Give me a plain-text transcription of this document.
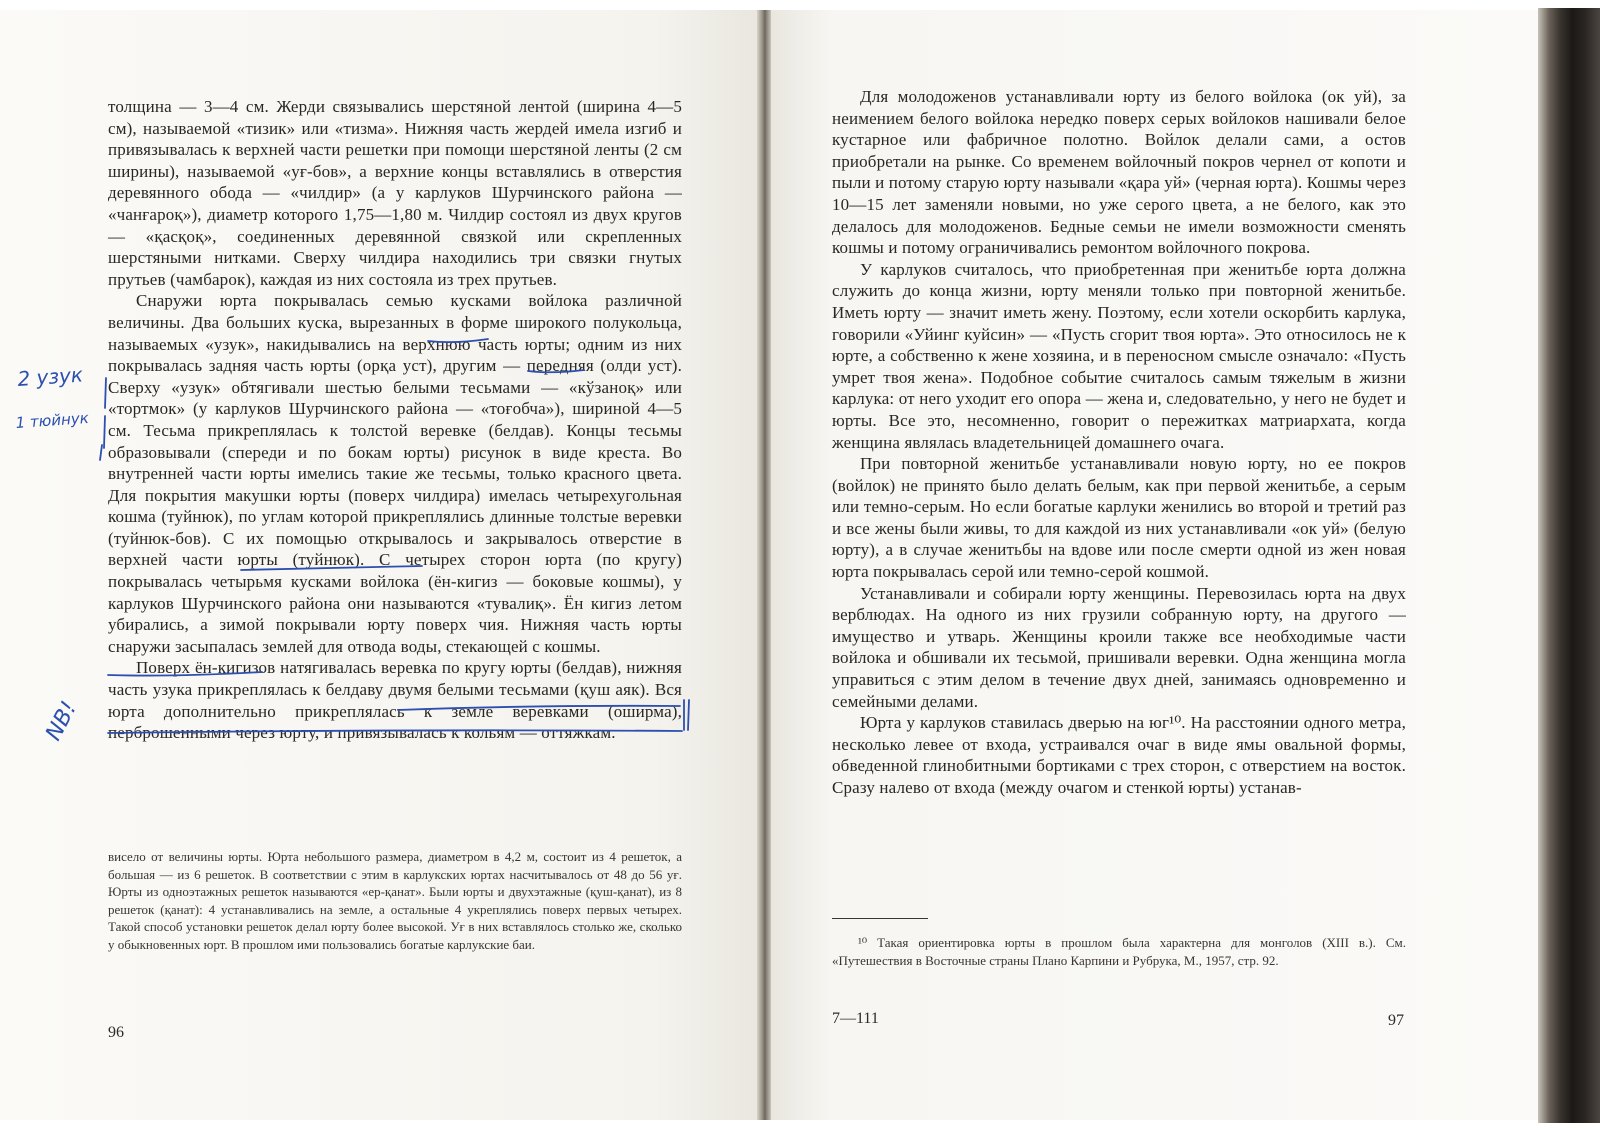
толщина — 3—4 см. Жерди связывались шерстяной лентой (ширина 4—5 см), называемой «тизик» или «тизма». Нижняя часть жердей имела изгиб и привязывалась к верхней части решетки при помощи шерстяной ленты (2 см ширины), называемой «уғ-бов», а верхние концы вставлялись в отверстия деревянного обода — «чилдир» (а у карлуков Шурчинского района — «чанғароқ»), диаметр которого 1,75—1,80 м. Чилдир состоял из двух кругов — «қасқоқ», соединенных деревянной связкой или скрепленных шерстяными нитками. Сверху чилдира находились три связки гнутых прутьев (чамбарок), каждая из них состояла из трех прутьев.

Снаружи юрта покрывалась семью кусками войлока различной величины. Два больших куска, вырезанных в форме широкого полукольца, называемых «узук», накидывались на верхнюю часть юрты; одним из них покрывалась задняя часть юрты (орқа уст), другим — передняя (олди уст). Сверху «узук» обтягивали шестью белыми тесьмами — «кўзаноқ» или «тортмок» (у карлуков Шурчинского района — «тоғобча»), шириной 4—5 см. Тесьма прикреплялась к толстой веревке (белдав). Концы тесьмы образовывали (спереди и по бокам юрты) рисунок в виде креста. Во внутренней части юрты имелись такие же тесьмы, только красного цвета. Для покрытия макушки юрты (поверх чилдира) имелась четырехугольная кошма (туйнюк), по углам которой прикреплялись длинные толстые веревки (туйнюк-бов). С их помощью открывалось и закрывалось отверстие в верхней части юрты (туйнюк). С четырех сторон юрта (по кругу) покрывалась четырьмя кусками войлока (ён-кигиз — боковые кошмы), у карлуков Шурчинского района они называются «тувалиқ». Ён кигиз летом убирались, а зимой покрывали юрту поверх чия. Нижняя часть юрты снаружи засыпалась землей для отвода воды, стекающей с кошмы.

Поверх ён-кигизов натягивалась веревка по кругу юрты (белдав), нижняя часть узука прикреплялась к белдаву двумя белыми тесьмами (қуш аяк). Вся юрта дополнительно прикреплялась к земле веревками (оширма), перброшенными через юрту, и привязывалась к кольям — оттяжкам.

висело от величины юрты. Юрта небольшого размера, диаметром в 4,2 м, состоит из 4 решеток, а большая — из 6 решеток. В соответствии с этим в карлукских юртах насчитывалось от 48 до 56 уғ. Юрты из одноэтажных решеток называются «ер-қанат». Были юрты и двухэтажные (қуш-қанат), из 8 решеток (қанат): 4 устанавливались на земле, а остальные 4 укреплялись поверх первых четырех. Такой способ установки решеток делал юрту более высокой. Уғ в них вставлялось столько же, сколько у обыкновенных юрт. В прошлом ими пользовались богатые карлукские баи.

96

Для молодоженов устанавливали юрту из белого войлока (ок уй), за неимением белого войлока нередко поверх серых войлоков нашивали белое кустарное или фабричное полотно. Войлок делали сами, а остов приобретали на рынке. Со временем войлочный покров чернел от копоти и пыли и потому старую юрту называли «қара уй» (черная юрта). Кошмы через 10—15 лет заменяли новыми, но уже серого цвета, а не белого, как это делалось для молодоженов. Бедные семьи не имели возможности сменять кошмы и потому ограничивались ремонтом войлочного покрова.

У карлуков считалось, что приобретенная при женитьбе юрта должна служить до конца жизни, юрту меняли только при повторной женитьбе. Иметь юрту — значит иметь жену. Поэтому, если хотели оскорбить карлука, говорили «Уйинг куйсин» — «Пусть сгорит твоя юрта». Это относилось не к юрте, а собственно к жене хозяина, и в переносном смысле означало: «Пусть умрет твоя жена». Подобное событие считалось самым тяжелым в жизни карлука: от него уходит его опора — жена и, следовательно, у него не будет и юрты. Все это, несомненно, говорит о пережитках матриархата, когда женщина являлась владетельницей домашнего очага.

При повторной женитьбе устанавливали новую юрту, но ее покров (войлок) не принято было делать белым, как при первой женитьбе, а серым или темно-серым. Но если богатые карлуки женились во второй и третий раз и все жены были живы, то для каждой из них устанавливали «ок уй» (белую юрту), а в случае женитьбы на вдове или после смерти одной из жен новая юрта покрывалась серой или темно-серой кошмой.

Устанавливали и собирали юрту женщины. Перевозилась юрта на двух верблюдах. На одного из них грузили собранную юрту, на другого — имущество и утварь. Женщины кроили также все необходимые части войлока и обшивали их тесьмой, пришивали веревки. Одна женщина могла управиться с этим делом в течение двух дней, занимаясь одновременно и семейными делами.

Юрта у карлуков ставилась дверью на юг¹⁰. На расстоянии одного метра, несколько левее от входа, устраивался очаг в виде ямы овальной формы, обведенной глинобитными бортиками с трех сторон, с отверстием на восток. Сразу налево от входа (между очагом и стенкой юрты) устанав-

¹⁰ Такая ориентировка юрты в прошлом была характерна для монголов (XIII в.). См. «Путешествия в Восточные страны Плано Карпини и Рубрука, М., 1957, стр. 92.

7—111	97
2 узук
1 тюйнук
NB!
